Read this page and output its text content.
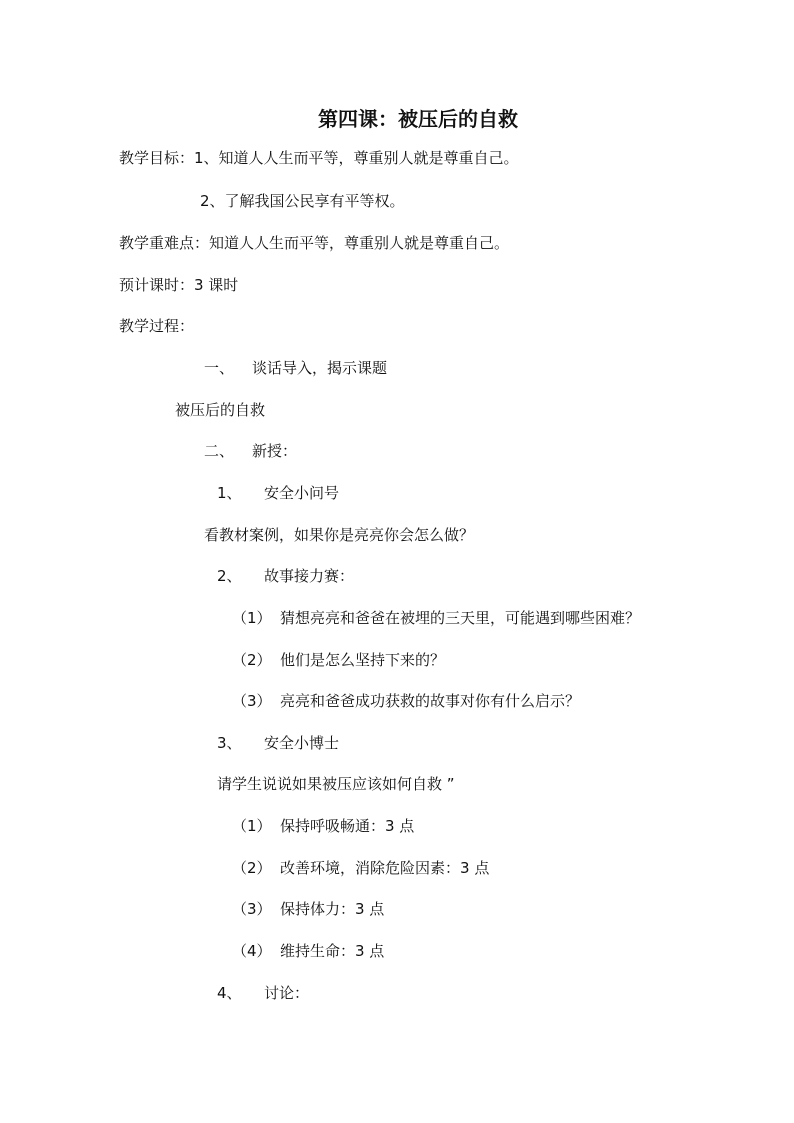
第四课：被压后的自救
教学目标：1、知道人人生而平等，尊重别人就是尊重自己。
2、了解我国公民享有平等权。
教学重难点：知道人人生而平等，尊重别人就是尊重自己。
预计课时：3 课时
教学过程：
一、 谈话导入，揭示课题
被压后的自救
二、 新授：
1、 安全小问号
看教材案例，如果你是亮亮你会怎么做？
2、 故事接力赛：
（1） 猜想亮亮和爸爸在被埋的三天里，可能遇到哪些困难？
（2） 他们是怎么坚持下来的？
（3） 亮亮和爸爸成功获救的故事对你有什么启示？
3、 安全小博士
请学生说说如果被压应该如何自救 ”
（1） 保持呼吸畅通：3 点
（2） 改善环境，消除危险因素：3 点
（3） 保持体力：3 点
（4） 维持生命：3 点
4、 讨论：
